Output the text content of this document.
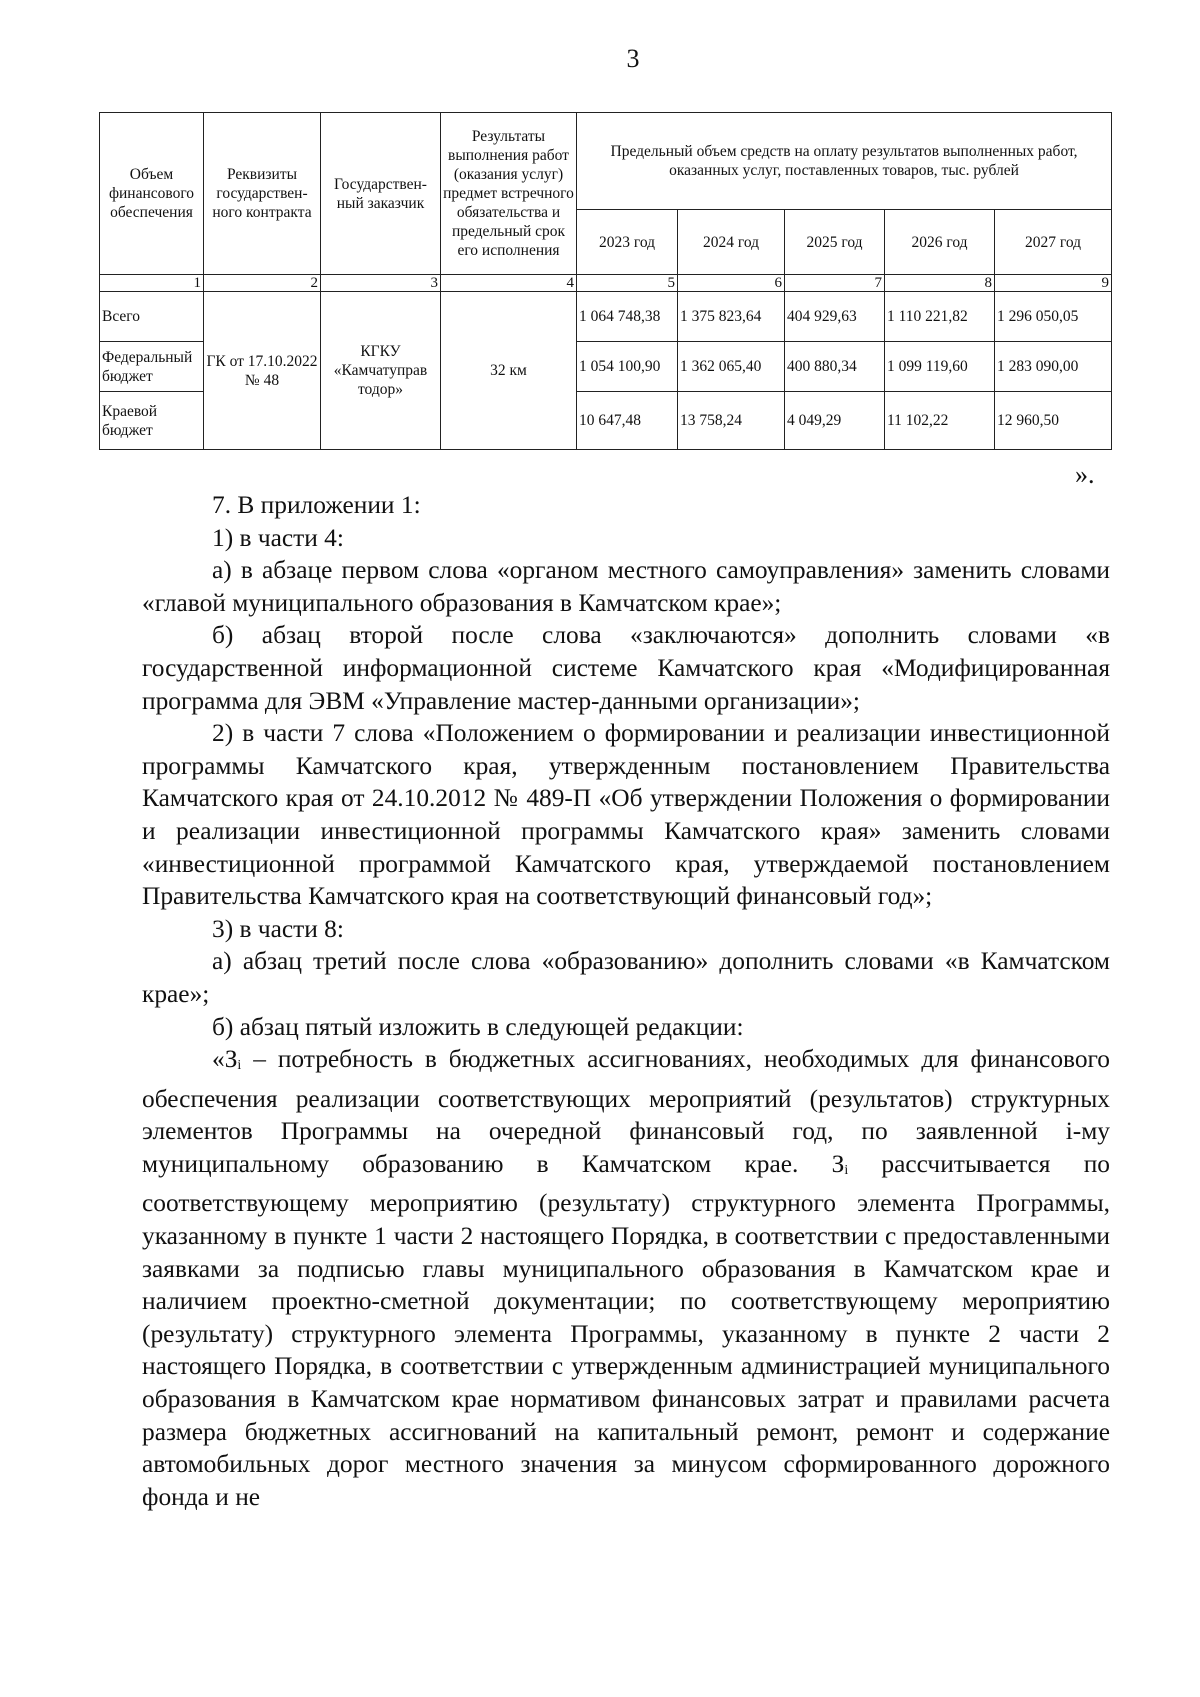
3
Объем финансового обеспечения	Реквизиты государствен-ного контракта	Государствен-ный заказчик	Результаты выполнения работ (оказания услуг) предмет встречного обязательства и предельный срок его исполнения	Предельный объем средств на оплату результатов выполненных работ, оказанных услуг, поставленных товаров, тыс. рублей				
				2023 год	2024 год	2025 год	2026 год	2027 год
1	2	3	4	5	6	7	8	9
Всего	ГК от 17.10.2022 № 48	КГКУ «Камчатуправ тодор»	32 км	1 064 748,38	1 375 823,64	404 929,63	1 110 221,82	1 296 050,05
Федеральный бюджет				1 054 100,90	1 362 065,40	400 880,34	1 099 119,60	1 283 090,00
Краевой бюджет				10 647,48	13 758,24	4 049,29	11 102,22	12 960,50
».

7. В приложении 1:

1) в части 4:

а) в абзаце первом слова «органом местного самоуправления» заменить словами «главой муниципального образования в Камчатском крае»;

б) абзац второй после слова «заключаются» дополнить словами «в государственной информационной системе Камчатского края «Модифицированная программа для ЭВМ «Управление мастер-данными организации»;

2) в части 7 слова «Положением о формировании и реализации инвестиционной программы Камчатского края, утвержденным постановлением Правительства Камчатского края от 24.10.2012 № 489-П «Об утверждении Положения о формировании и реализации инвестиционной программы Камчатского края» заменить словами «инвестиционной программой Камчатского края, утверждаемой постановлением Правительства Камчатского края на соответствующий финансовый год»;

3) в части 8:

а) абзац третий после слова «образованию» дополнить словами «в Камчатском крае»;

б) абзац пятый изложить в следующей редакции:

«$З_i$ – потребность в бюджетных ассигнованиях, необходимых для финансового обеспечения реализации соответствующих мероприятий (результатов) структурных элементов Программы на очередной финансовый год, по заявленной i-му муниципальному образованию в Камчатском крае. $З_i$ рассчитывается по соответствующему мероприятию (результату) структурного элемента Программы, указанному в пункте 1 части 2 настоящего Порядка, в соответствии с предоставленными заявками за подписью главы муниципального образования в Камчатском крае и наличием проектно-сметной документации; по соответствующему мероприятию (результату) структурного элемента Программы, указанному в пункте 2 части 2 настоящего Порядка, в соответствии с утвержденным администрацией муниципального образования в Камчатском крае нормативом финансовых затрат и правилами расчета размера бюджетных ассигнований на капитальный ремонт, ремонт и содержание автомобильных дорог местного значения за минусом сформированного дорожного фонда и не
